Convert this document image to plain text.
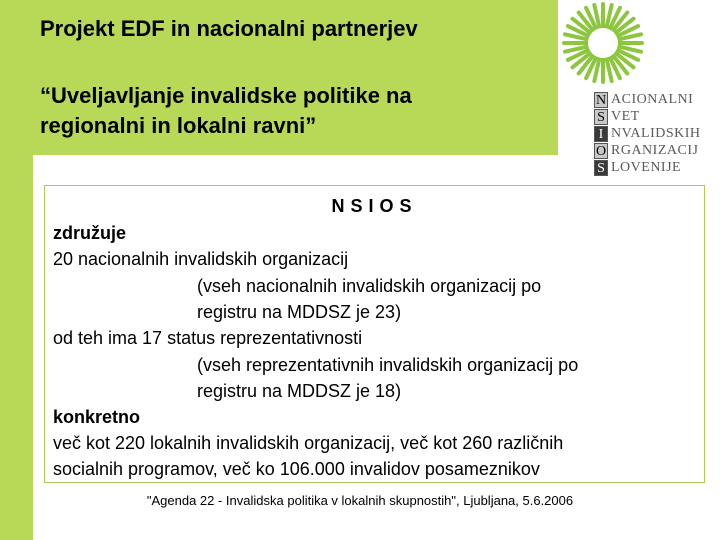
Projekt EDF in nacionalni partnerjev

“Uveljavljanje invalidske politike na

regionalni in lokalni ravni”

N ACIONALNI
S VET
I NVALIDSKIH
O RGANIZACIJ
S LOVENIJE

NSIOS

združuje

20 nacionalnih invalidskih organizacij

(vseh nacionalnih invalidskih organizacij po

registru na MDDSZ je 23)

od teh ima 17 status reprezentativnosti

(vseh reprezentativnih invalidskih organizacij po

registru na MDDSZ je 18)

konkretno

več kot 220 lokalnih invalidskih organizacij, več kot 260 različnih

socialnih programov, več ko 106.000 invalidov posameznikov

"Agenda 22 - Invalidska politika v lokalnih skupnostih", Ljubljana, 5.6.2006
